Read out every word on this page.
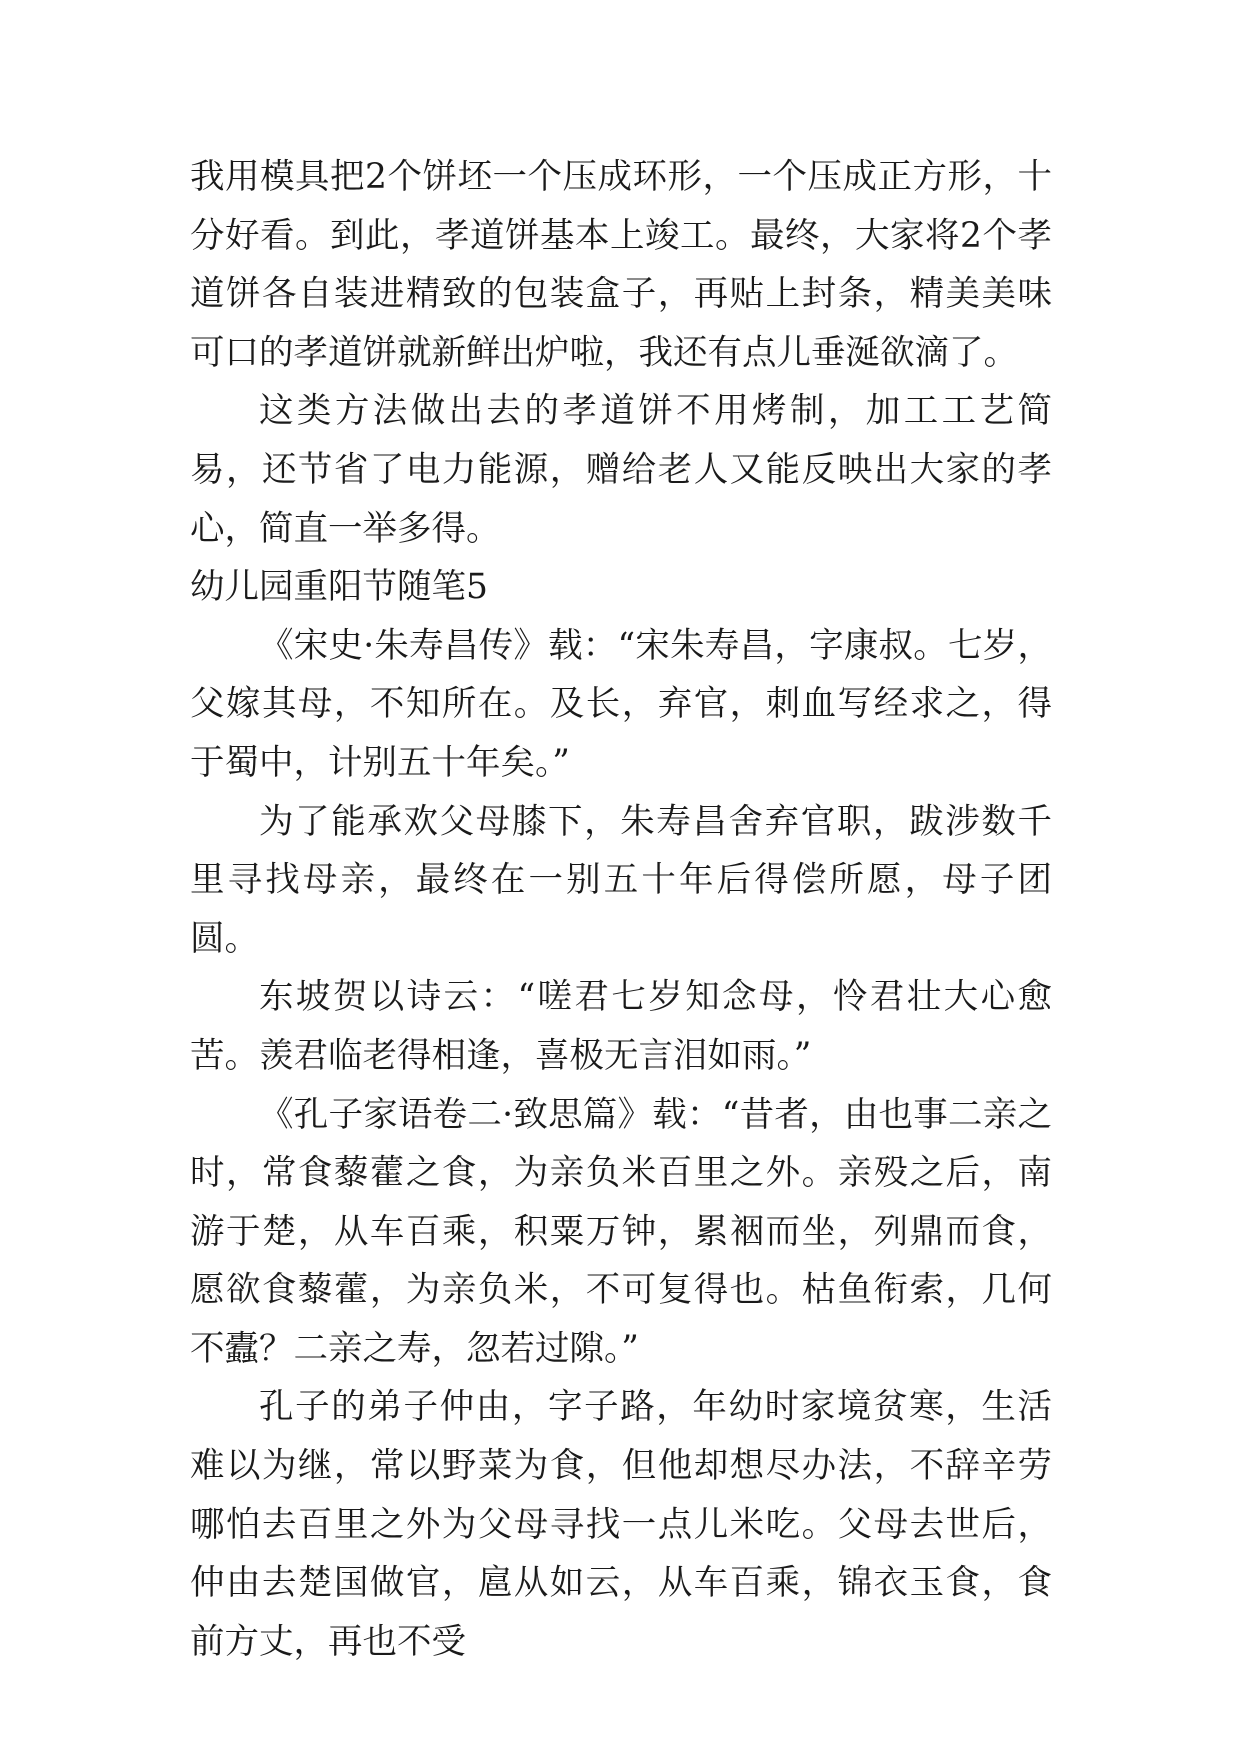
我用模具把2个饼坯一个压成环形，一个压成正方形，十分好看。到此，孝道饼基本上竣工。最终，大家将2个孝道饼各自装进精致的包装盒子，再贴上封条，精美美味可口的孝道饼就新鲜出炉啦，我还有点儿垂涎欲滴了。

这类方法做出去的孝道饼不用烤制，加工工艺简易，还节省了电力能源，赠给老人又能反映出大家的孝心，简直一举多得。

幼儿园重阳节随笔5

《宋史·朱寿昌传》载：“宋朱寿昌，字康叔。七岁，父嫁其母，不知所在。及长，弃官，刺血写经求之，得于蜀中，计别五十年矣。”

为了能承欢父母膝下，朱寿昌舍弃官职，跋涉数千里寻找母亲，最终在一别五十年后得偿所愿，母子团圆。

东坡贺以诗云：“嗟君七岁知念母，怜君壮大心愈苦。羡君临老得相逢，喜极无言泪如雨。”

《孔子家语卷二·致思篇》载：“昔者，由也事二亲之时，常食藜藿之食，为亲负米百里之外。亲殁之后，南游于楚，从车百乘，积粟万钟，累裀而坐，列鼎而食，愿欲食藜藿，为亲负米，不可复得也。枯鱼衔索，几何不蠹？二亲之寿，忽若过隙。”

孔子的弟子仲由，字子路，年幼时家境贫寒，生活难以为继，常以野菜为食，但他却想尽办法，不辞辛劳哪怕去百里之外为父母寻找一点儿米吃。父母去世后，仲由去楚国做官，扈从如云，从车百乘，锦衣玉食，食前方丈，再也不受
